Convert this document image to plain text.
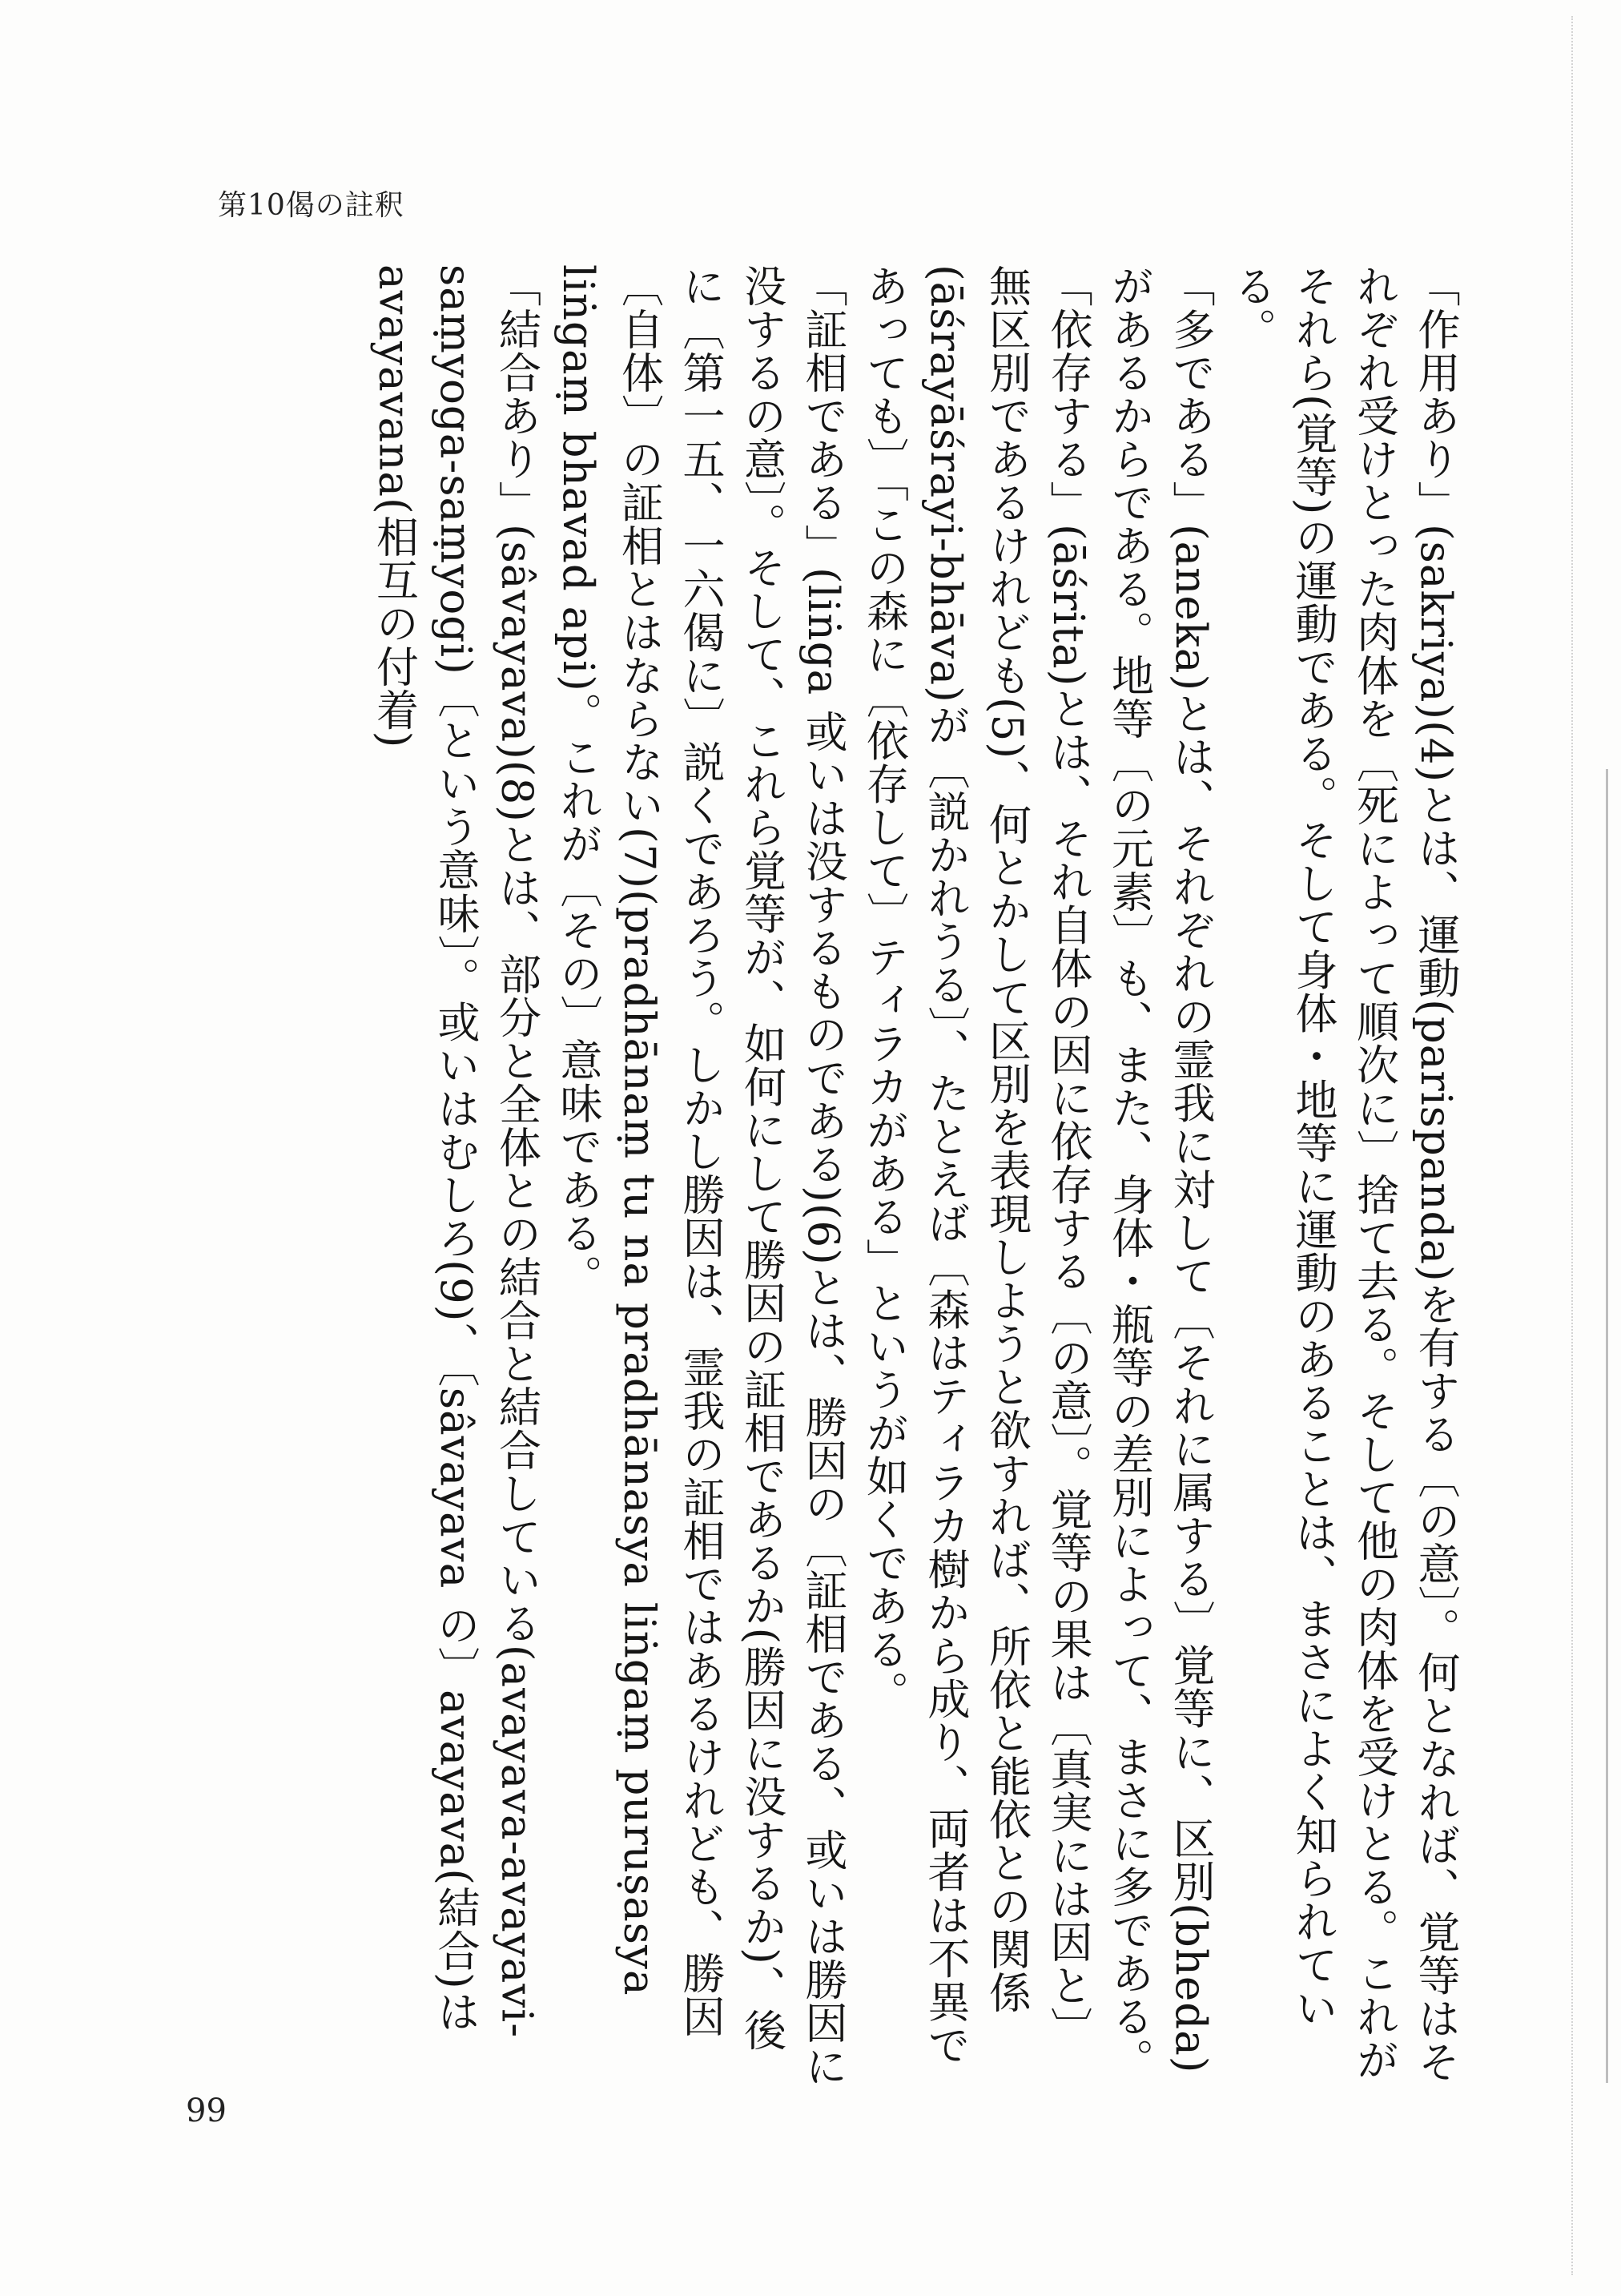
第10偈の註釈

「作用あり」(sakriya)(4)とは、運動(parispanda)を有する〔の意〕。何となれば、覚等はそれぞれ受けとった肉体を〔死によって順次に〕捨て去る。そして他の肉体を受けとる。これがそれら(覚等)の運動である。そして身体・地等に運動のあることは、まさによく知られている。

「多である」(aneka)とは、それぞれの霊我に対して〔それに属する〕覚等に、区別(bheda)があるからである。地等〔の元素〕も、また、身体・瓶等の差別によって、まさに多である。

「依存する」(āśrita)とは、それ自体の因に依存する〔の意〕。覚等の果は〔真実には因と〕無区別であるけれども(5)、何とかして区別を表現しようと欲すれば、所依と能依との関係(āśrayāśrayi-bhāva)が〔説かれうる〕、たとえば〔森はティラカ樹から成り、両者は不異であっても〕「この森に〔依存して〕ティラカがある」というが如くである。

「証相である」(liṅga 或いは没するものである)(6)とは、勝因の〔証相である、或いは勝因に没するの意〕。そして、これら覚等が、如何にして勝因の証相であるか(勝因に没するか)、後に〔第一五、一六偈に〕説くであろう。しかし勝因は、霊我の証相ではあるけれども、勝因〔自体〕の証相とはならない(7)(pradhānaṃ tu na pradhānasya liṅgaṃ puruṣasya liṅgaṃ bhavad api)。これが〔その〕意味である。

「結合あり」(sâvayava)(8)とは、部分と全体との結合と結合している(avayava-avayavi-saṃyoga-saṃyogi)〔という意味〕。或いはむしろ(9)、〔sâvayava の〕avayava(結合)はavayavana(相互の付着)

99
